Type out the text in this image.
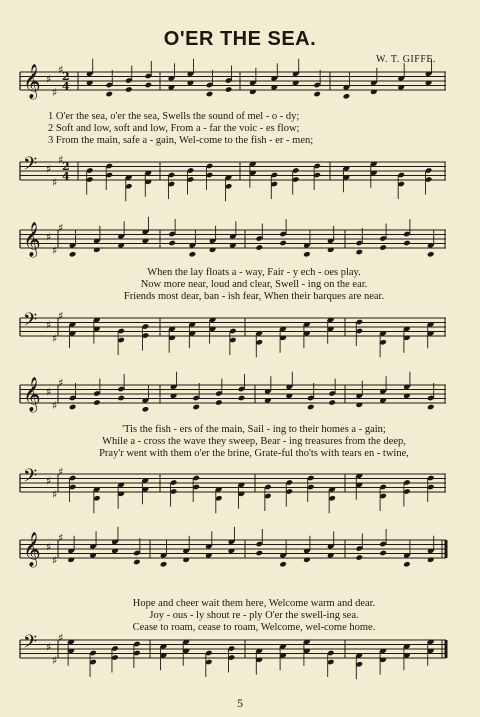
O'ER THE SEA.
W. T. GIFFE.
𝄞 ♯
♯
♯
𝄢 ♯
♯
♯
𝄞 ♯
♯
♯
𝄢 ♯
♯
♯
𝄞 ♯
♯
♯
𝄢 ♯
♯
♯
𝄞 ♯
♯
♯
𝄢 ♯
♯
♯
2
4
2
4
1 O'er the sea, o'er the sea, Swells the sound of mel - o - dy;
2 Soft and low, soft and low, From a - far the voic - es flow;
3 From the main, safe a - gain, Wel-come to the fish - er - men;
When the lay floats a - way, Fair - y ech - oes play.
Now more near, loud and clear, Swell - ing on the ear.
Friends most dear, ban - ish fear, When their barques are near.
'Tis the fish - ers of the main, Sail - ing to their homes a - gain;
While a - cross the wave they sweep, Bear - ing treasures from the deep,
Pray'r went with them o'er the brine, Grate-ful tho'ts with tears en - twine,
Hope and cheer wait them here, Welcome warm and dear.
Joy - ous - ly shout re - ply O'er the swell-ing sea.
Cease to roam, cease to roam, Welcome, wel-come home.
5
